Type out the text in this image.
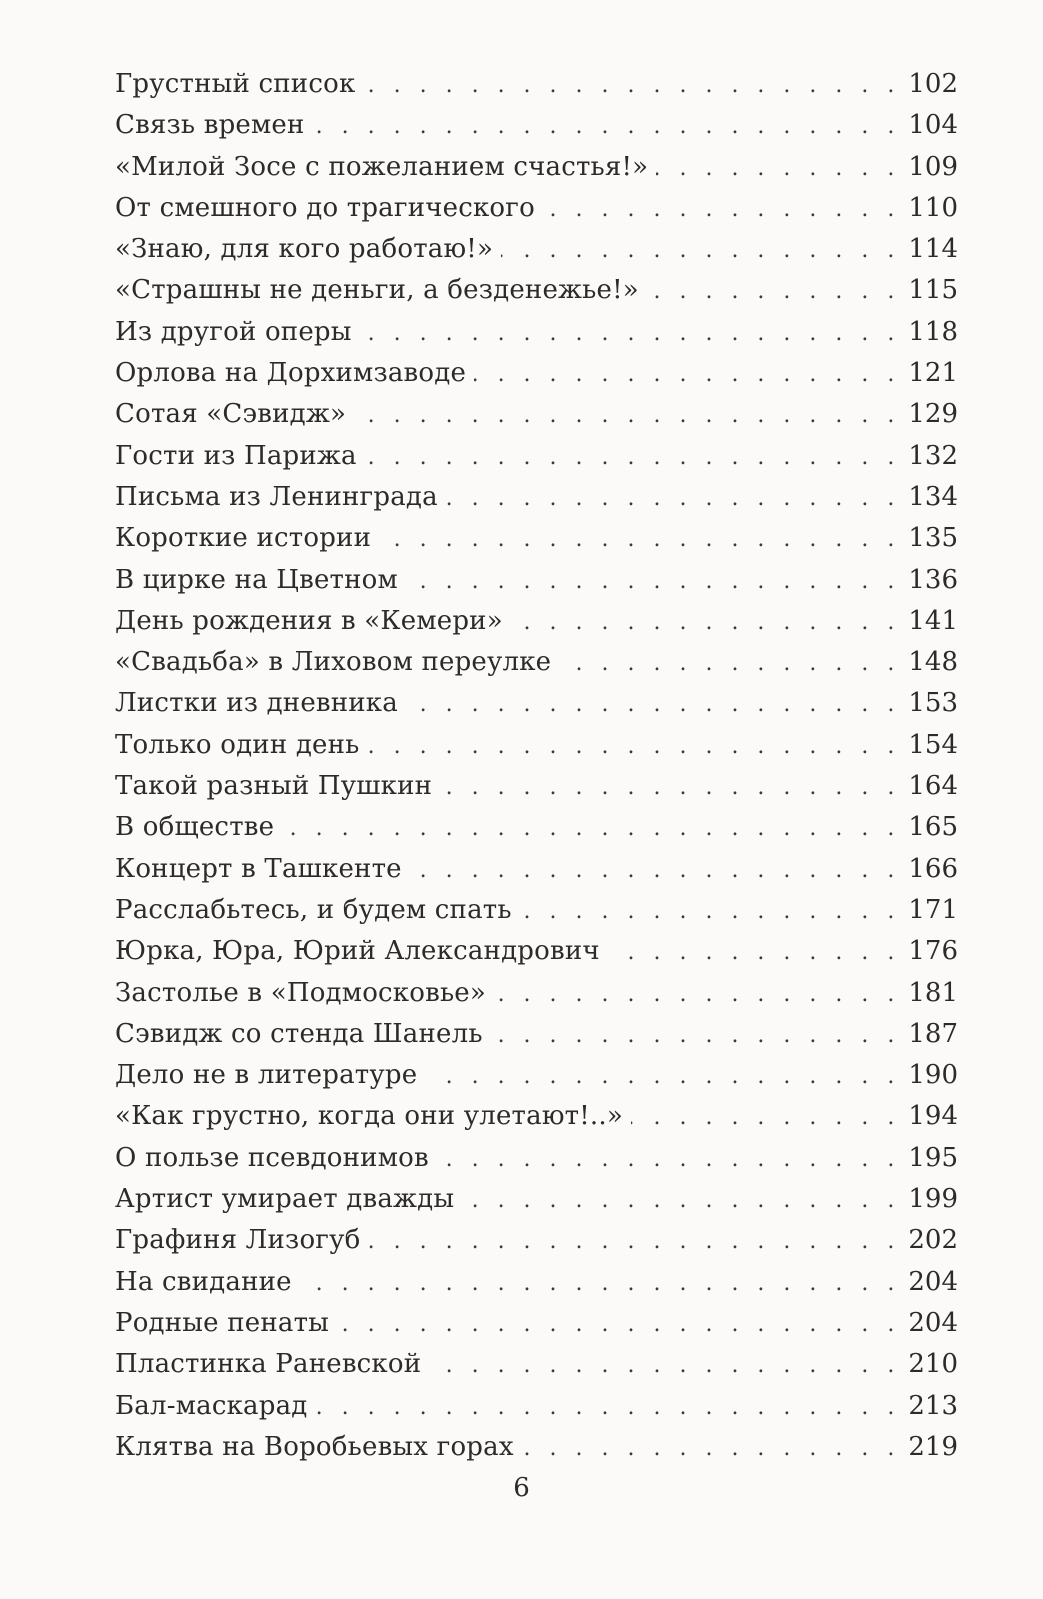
Грустный список . . .	102
Связь времен . . .	104
«Милой Зосе с пожеланием счастья!» . . .	109
От смешного до трагического . . .	110
«Знаю, для кого работаю!» . . .	114
«Страшны не деньги, а безденежье!» . . .	115
Из другой оперы . . .	118
Орлова на Дорхимзаводе . . .	121
Сотая «Сэвидж» . . .	129
Гости из Парижа . . .	132
Письма из Ленинграда . . .	134
Короткие истории . . .	135
В цирке на Цветном . . .	136
День рождения в «Кемери» . . .	141
«Свадьба» в Лиховом переулке . . .	148
Листки из дневника . . .	153
Только один день . . .	154
Такой разный Пушкин . . .	164
В обществе . . .	165
Концерт в Ташкенте . . .	166
Расслабьтесь, и будем спать . . .	171
Юрка, Юра, Юрий Александрович . . .	176
Застолье в «Подмосковье» . . .	181
Сэвидж со стенда Шанель . . .	187
Дело не в литературе . . .	190
«Как грустно, когда они улетают!..» . . .	194
О пользе псевдонимов . . .	195
Артист умирает дважды . . .	199
Графиня Лизогуб . . .	202
На свидание . . .	204
Родные пенаты . . .	204
Пластинка Раневской . . .	210
Бал-маскарад . . .	213
Клятва на Воробьевых горах . . .	219
6
